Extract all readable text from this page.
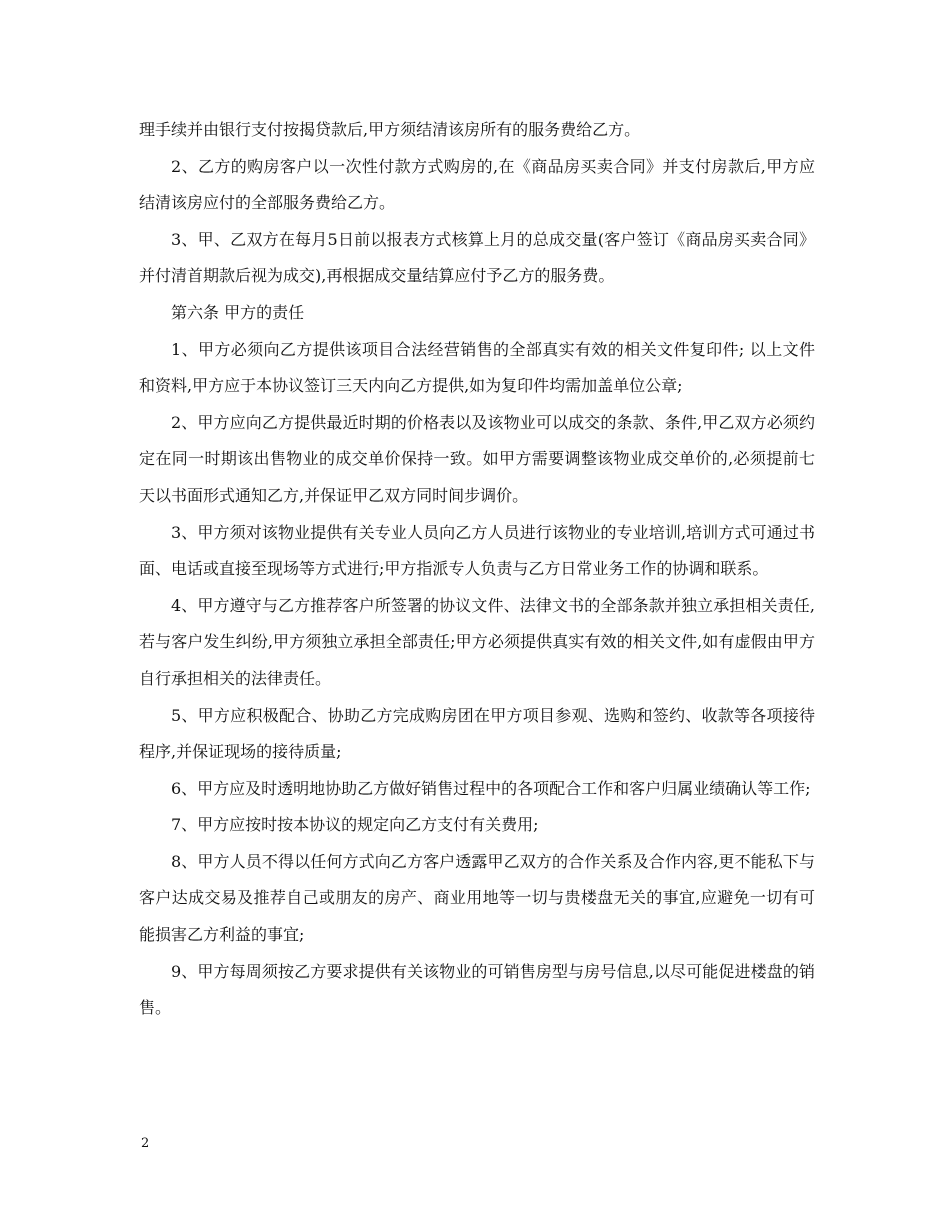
理手续并由银行支付按揭贷款后,甲方须结清该房所有的服务费给乙方。

2、乙方的购房客户以一次性付款方式购房的,在《商品房买卖合同》并支付房款后,甲方应结清该房应付的全部服务费给乙方。

3、甲、乙双方在每月5日前以报表方式核算上月的总成交量(客户签订《商品房买卖合同》并付清首期款后视为成交),再根据成交量结算应付予乙方的服务费。

第六条 甲方的责任

1、甲方必须向乙方提供该项目合法经营销售的全部真实有效的相关文件复印件; 以上文件和资料,甲方应于本协议签订三天内向乙方提供,如为复印件均需加盖单位公章;

2、甲方应向乙方提供最近时期的价格表以及该物业可以成交的条款、条件,甲乙双方必须约定在同一时期该出售物业的成交单价保持一致。如甲方需要调整该物业成交单价的,必须提前七天以书面形式通知乙方,并保证甲乙双方同时间步调价。

3、甲方须对该物业提供有关专业人员向乙方人员进行该物业的专业培训,培训方式可通过书面、电话或直接至现场等方式进行;甲方指派专人负责与乙方日常业务工作的协调和联系。

4、甲方遵守与乙方推荐客户所签署的协议文件、法律文书的全部条款并独立承担相关责任,若与客户发生纠纷,甲方须独立承担全部责任;甲方必须提供真实有效的相关文件,如有虚假由甲方自行承担相关的法律责任。

5、甲方应积极配合、协助乙方完成购房团在甲方项目参观、选购和签约、收款等各项接待程序,并保证现场的接待质量;

6、甲方应及时透明地协助乙方做好销售过程中的各项配合工作和客户归属业绩确认等工作;

7、甲方应按时按本协议的规定向乙方支付有关费用;

8、甲方人员不得以任何方式向乙方客户透露甲乙双方的合作关系及合作内容,更不能私下与客户达成交易及推荐自己或朋友的房产、商业用地等一切与贵楼盘无关的事宜,应避免一切有可能损害乙方利益的事宜;

9、甲方每周须按乙方要求提供有关该物业的可销售房型与房号信息,以尽可能促进楼盘的销售。

2
